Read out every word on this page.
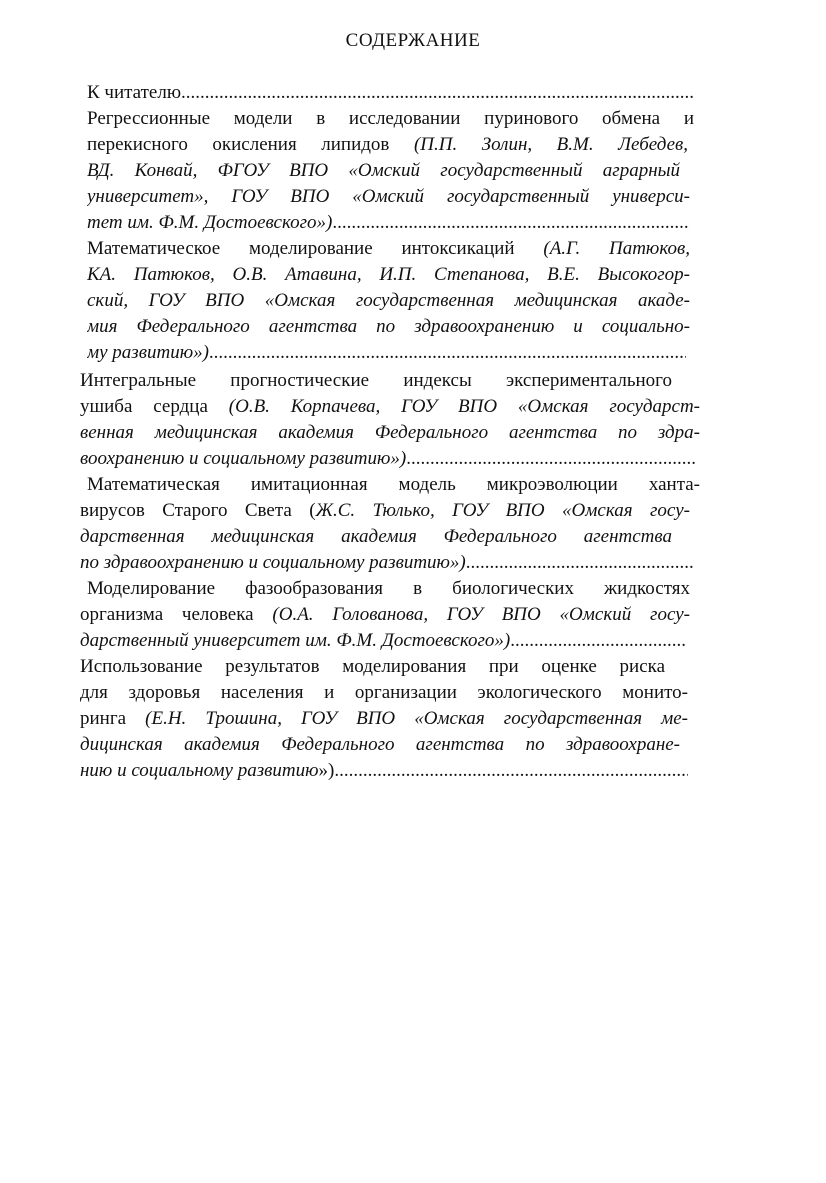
СОДЕРЖАНИЕ
К читателю
.....
Регрессионные модели в исследовании пуринового обмена и
перекисного окисления липидов (П.П. Золин, В.М. Лебедев,
ВД. Конвай, ФГОУ ВПО «Омский государственный аграрный
университет», ГОУ ВПО «Омский государственный универси-
тет им. Ф.М. Достоевского»)
.....
Математическое моделирование интоксикаций (А.Г. Патюков,
КА. Патюков, О.В. Атавина, И.П. Степанова, В.Е. Высокогор-
ский, ГОУ ВПО «Омская государственная медицинская акаде-
мия Федерального агентства по здравоохранению и социально-
му развитию»)
.....
Интегральные прогностические индексы экспериментального
ушиба сердца (О.В. Корпачева, ГОУ ВПО «Омская государст-
венная медицинская академия Федерального агентства по здра-
воохранению и социальному развитию»)
.....
Математическая имитационная модель микроэволюции ханта-
вирусов Старого Света (Ж.С. Тюлько, ГОУ ВПО «Омская госу-
дарственная медицинская академия Федерального агентства
по здравоохранению и социальному развитию»)
.....
Моделирование фазообразования в биологических жидкостях
организма человека (О.А. Голованова, ГОУ ВПО «Омский госу-
дарственный университет им. Ф.М. Достоевского»)
.....
Использование результатов моделирования при оценке риска
для здоровья населения и организации экологического монито-
ринга (Е.Н. Трошина, ГОУ ВПО «Омская государственная ме-
дицинская академия Федерального агентства по здравоохране-
нию и социальному развитию »)
.....
